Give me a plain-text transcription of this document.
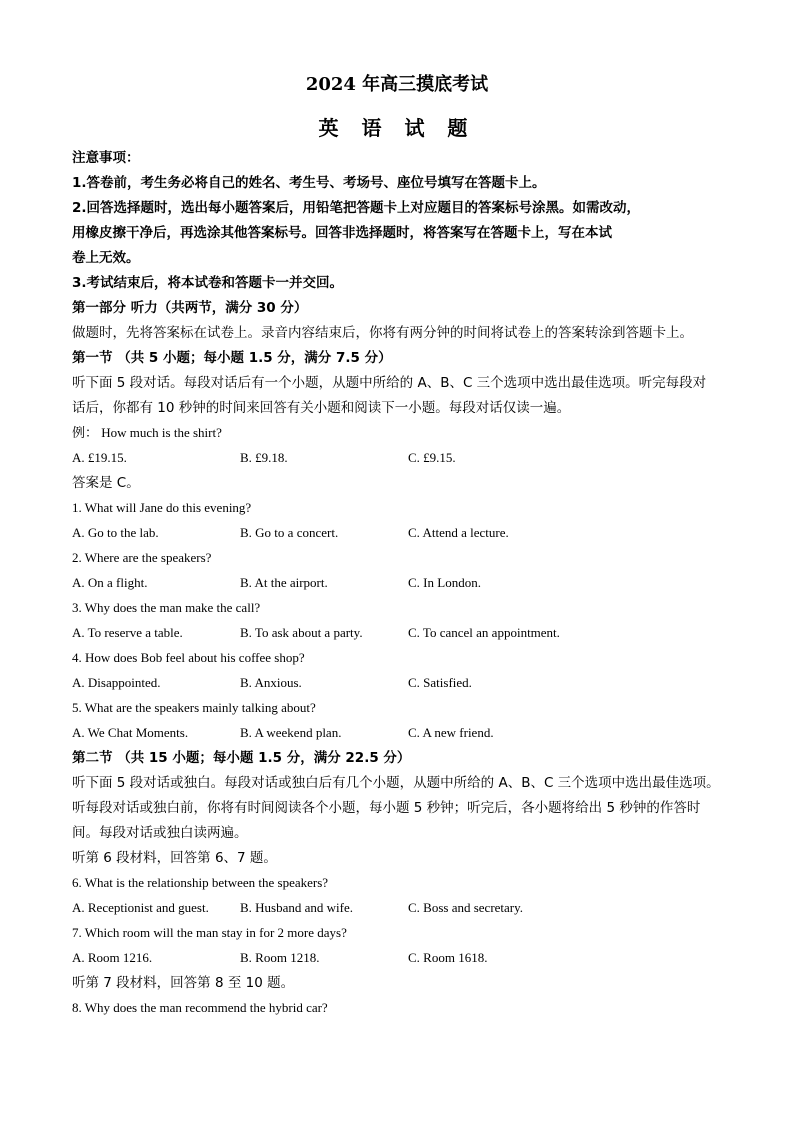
2024 年高三摸底考试
英 语 试 题
注意事项：
1.答卷前，考生务必将自己的姓名、考生号、考场号、座位号填写在答题卡上。
2.回答选择题时，选出每小题答案后，用铅笔把答题卡上对应题目的答案标号涂黑。如需改动，
用橡皮擦干净后，再选涂其他答案标号。回答非选择题时，将答案写在答题卡上，写在本试
卷上无效。
3.考试结束后，将本试卷和答题卡一并交回。
第一部分 听力（共两节，满分 30 分）
做题时，先将答案标在试卷上。录音内容结束后，你将有两分钟的时间将试卷上的答案转涂到答题卡上。
第一节 （共 5 小题；每小题 1.5 分，满分 7.5 分）
听下面 5 段对话。每段对话后有一个小题，从题中所给的 A、B、C 三个选项中选出最佳选项。听完每段对
话后，你都有 10 秒钟的时间来回答有关小题和阅读下一小题。每段对话仅读一遍。
例： How much is the shirt?
A. £19.15.	B. £9.18.	C. £9.15.
答案是 C。
1. What will Jane do this evening?
A. Go to the lab.	B. Go to a concert.	C. Attend a lecture.
2. Where are the speakers?
A. On a flight.	B. At the airport.	C. In London.
3. Why does the man make the call?
A. To reserve a table.	B. To ask about a party.	C. To cancel an appointment.
4. How does Bob feel about his coffee shop?
A. Disappointed.	B. Anxious.	C. Satisfied.
5. What are the speakers mainly talking about?
A. We Chat Moments.	B. A weekend plan.	C. A new friend.
第二节 （共 15 小题；每小题 1.5 分，满分 22.5 分）
听下面 5 段对话或独白。每段对话或独白后有几个小题，从题中所给的 A、B、C 三个选项中选出最佳选项。
听每段对话或独白前，你将有时间阅读各个小题，每小题 5 秒钟；听完后，各小题将给出 5 秒钟的作答时
间。每段对话或独白读两遍。
听第 6 段材料，回答第 6、7 题。
6. What is the relationship between the speakers?
A. Receptionist and guest. B. Husband and wife.	C. Boss and secretary.
7. Which room will the man stay in for 2 more days?
A. Room 1216.	B. Room 1218.	C. Room 1618.
听第 7 段材料，回答第 8 至 10 题。
8. Why does the man recommend the hybrid car?
